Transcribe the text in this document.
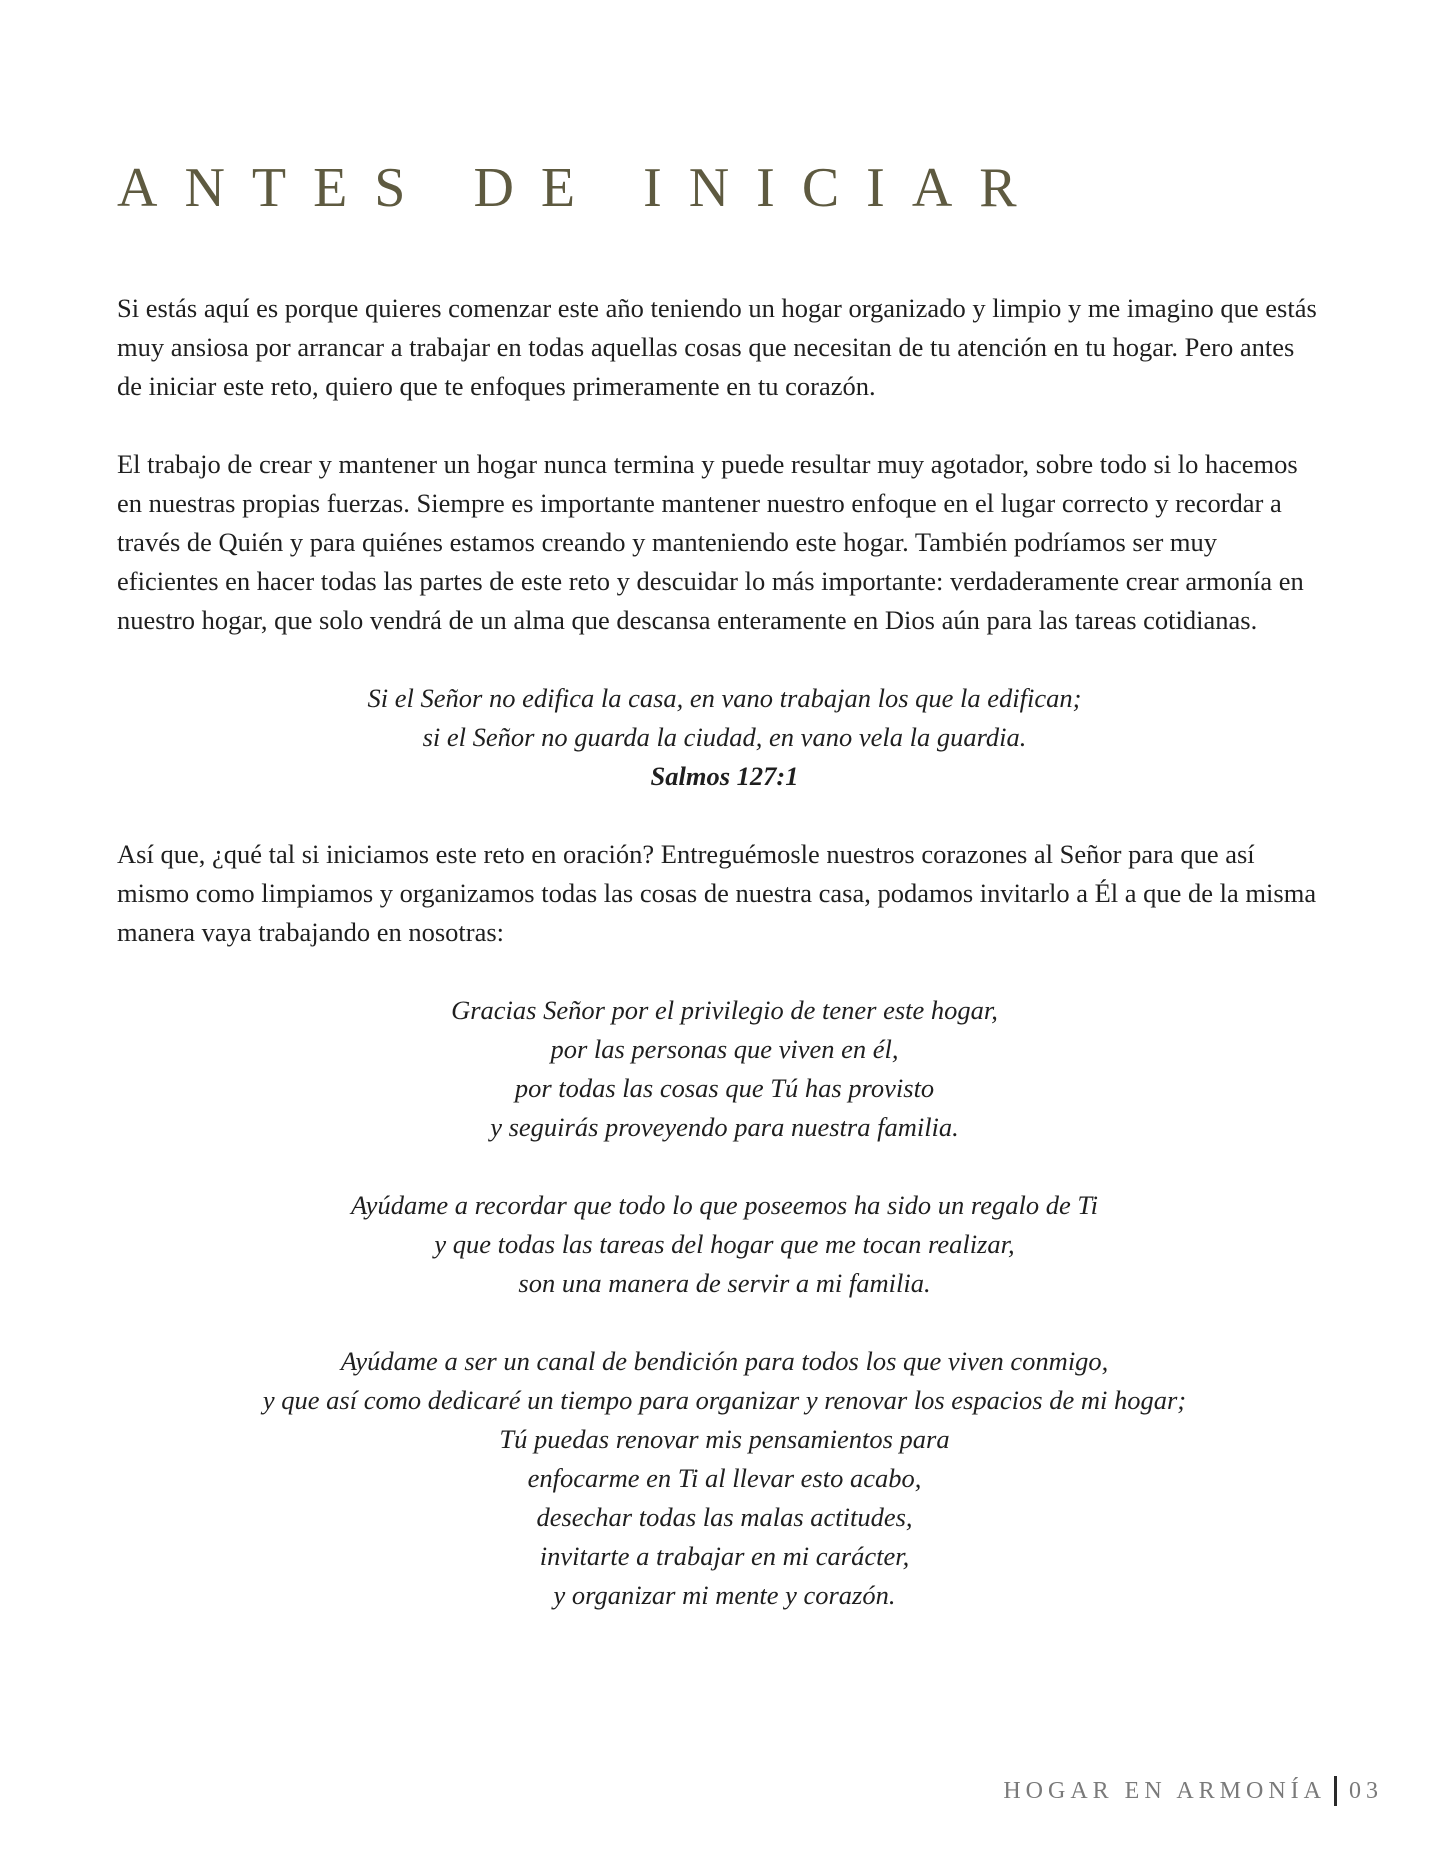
ANTES DE INICIAR

Si estás aquí es porque quieres comenzar este año teniendo un hogar organizado y limpio y me imagino que estás
muy ansiosa por arrancar a trabajar en todas aquellas cosas que necesitan de tu atención en tu hogar. Pero antes
de iniciar este reto, quiero que te enfoques primeramente en tu corazón.

El trabajo de crear y mantener un hogar nunca termina y puede resultar muy agotador, sobre todo si lo hacemos
en nuestras propias fuerzas. Siempre es importante mantener nuestro enfoque en el lugar correcto y recordar a
través de Quién y para quiénes estamos creando y manteniendo este hogar. También podríamos ser muy
eficientes en hacer todas las partes de este reto y descuidar lo más importante: verdaderamente crear armonía en
nuestro hogar, que solo vendrá de un alma que descansa enteramente en Dios aún para las tareas cotidianas.

Si el Señor no edifica la casa, en vano trabajan los que la edifican;
si el Señor no guarda la ciudad, en vano vela la guardia.
Salmos 127:1

Así que, ¿qué tal si iniciamos este reto en oración? Entreguémosle nuestros corazones al Señor para que así
mismo como limpiamos y organizamos todas las cosas de nuestra casa, podamos invitarlo a Él a que de la misma
manera vaya trabajando en nosotras:

Gracias Señor por el privilegio de tener este hogar,
por las personas que viven en él,
por todas las cosas que Tú has provisto
y seguirás proveyendo para nuestra familia.
Ayúdame a recordar que todo lo que poseemos ha sido un regalo de Ti
y que todas las tareas del hogar que me tocan realizar,
son una manera de servir a mi familia.
Ayúdame a ser un canal de bendición para todos los que viven conmigo,
y que así como dedicaré un tiempo para organizar y renovar los espacios de mi hogar;
Tú puedas renovar mis pensamientos para
enfocarme en Ti al llevar esto acabo,
desechar todas las malas actitudes,
invitarte a trabajar en mi carácter,
y organizar mi mente y corazón.
HOGAR EN ARMONÍA 03
